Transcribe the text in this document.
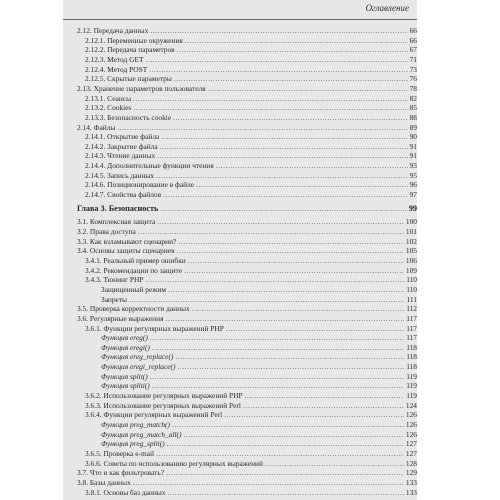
Оглавление
2.12. Передача данных .....	66
2.12.1. Переменные окружения .....	66
2.12.2. Передача параметров .....	67
2.12.3. Метод GET .....	71
2.12.4. Метод POST .....	73
2.12.5. Скрытые параметры .....	76
2.13. Хранение параметров пользователя .....	78
2.13.1. Сеансы .....	82
2.13.2. Cookies .....	85
2.13.3. Безопасность cookie .....	88
2.14. Файлы .....	89
2.14.1. Открытие файла .....	90
2.14.2. Закрытие файла .....	91
2.14.3. Чтение данных .....	91
2.14.4. Дополнительные функции чтения .....	93
2.14.5. Запись данных .....	95
2.14.6. Позиционирование в файле .....	96
2.14.7. Свойства файлов .....	97
Глава 3. Безопасность .....	99
3.1. Комплексная защита .....	100
3.2. Права доступа .....	101
3.3. Как взламывают сценарии? .....	102
3.4. Основы защиты сценариев .....	105
3.4.1. Реальный пример ошибки .....	106
3.4.2. Рекомендации по защите .....	109
3.4.3. Тюнинг PHP .....	110
Защищенный режим .....	110
Запреты .....	111
3.5. Проверка корректности данных .....	112
3.6. Регулярные выражения .....	117
3.6.1. Функции регулярных выражений PHP .....	117
Функция ereg() .....	117
Функция eregi() .....	118
Функция ereg_replace() .....	118
Функция eregi_replace() .....	118
Функция split() .....	119
Функция spliti() .....	119
3.6.2. Использование регулярных выражений PHP .....	119
3.6.3. Использование регулярных выражений Perl .....	124
3.6.4. Функции регулярных выражений Perl .....	126
Функция preg_match() .....	126
Функция preg_match_all() .....	126
Функция preg_split() .....	127
3.6.5. Проверка e-mail .....	127
3.6.6. Советы по использованию регулярных выражений .....	128
3.7. Что и как фильтровать? .....	129
3.8. Базы данных .....	133
3.8.1. Основы баз данных .....	133
